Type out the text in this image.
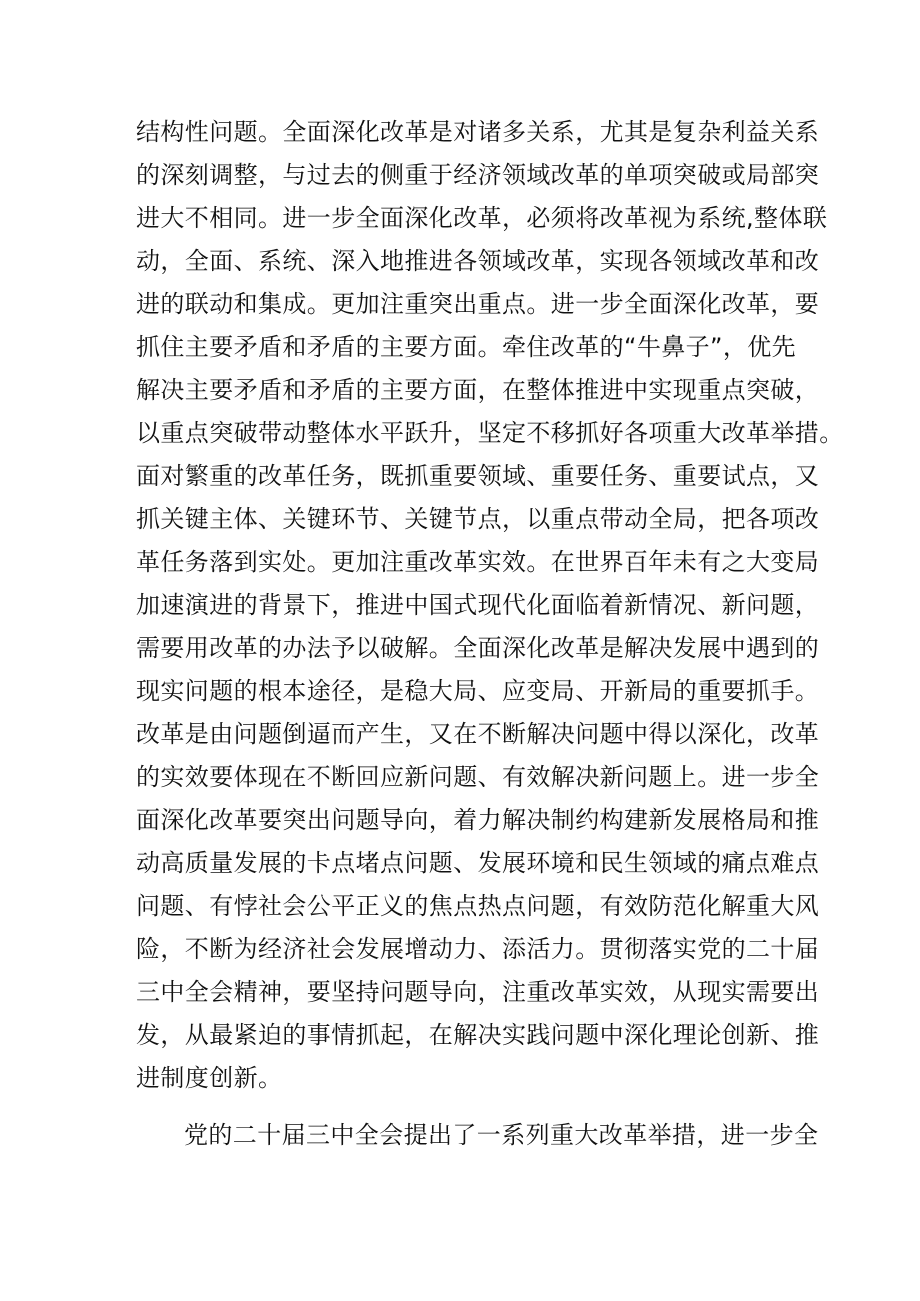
结构性问题。全面深化改革是对诸多关系，尤其是复杂利益关系

的深刻调整，与过去的侧重于经济领域改革的单项突破或局部突

进大不相同。进一步全面深化改革，必须将改革视为系统,整体联

动，全面、系统、深入地推进各领域改革，实现各领域改革和改

进的联动和集成。更加注重突出重点。进一步全面深化改革，要

抓住主要矛盾和矛盾的主要方面。牵住改革的“牛鼻子”，优先

解决主要矛盾和矛盾的主要方面，在整体推进中实现重点突破，

以重点突破带动整体水平跃升，坚定不移抓好各项重大改革举措。

面对繁重的改革任务，既抓重要领域、重要任务、重要试点，又

抓关键主体、关键环节、关键节点，以重点带动全局，把各项改

革任务落到实处。更加注重改革实效。在世界百年未有之大变局

加速演进的背景下，推进中国式现代化面临着新情况、新问题，

需要用改革的办法予以破解。全面深化改革是解决发展中遇到的

现实问题的根本途径，是稳大局、应变局、开新局的重要抓手。

改革是由问题倒逼而产生，又在不断解决问题中得以深化，改革

的实效要体现在不断回应新问题、有效解决新问题上。进一步全

面深化改革要突出问题导向，着力解决制约构建新发展格局和推

动高质量发展的卡点堵点问题、发展环境和民生领域的痛点难点

问题、有悖社会公平正义的焦点热点问题，有效防范化解重大风

险，不断为经济社会发展增动力、添活力。贯彻落实党的二十届

三中全会精神，要坚持问题导向，注重改革实效，从现实需要出

发，从最紧迫的事情抓起，在解决实践问题中深化理论创新、推

进制度创新。

党的二十届三中全会提出了一系列重大改革举措，进一步全
